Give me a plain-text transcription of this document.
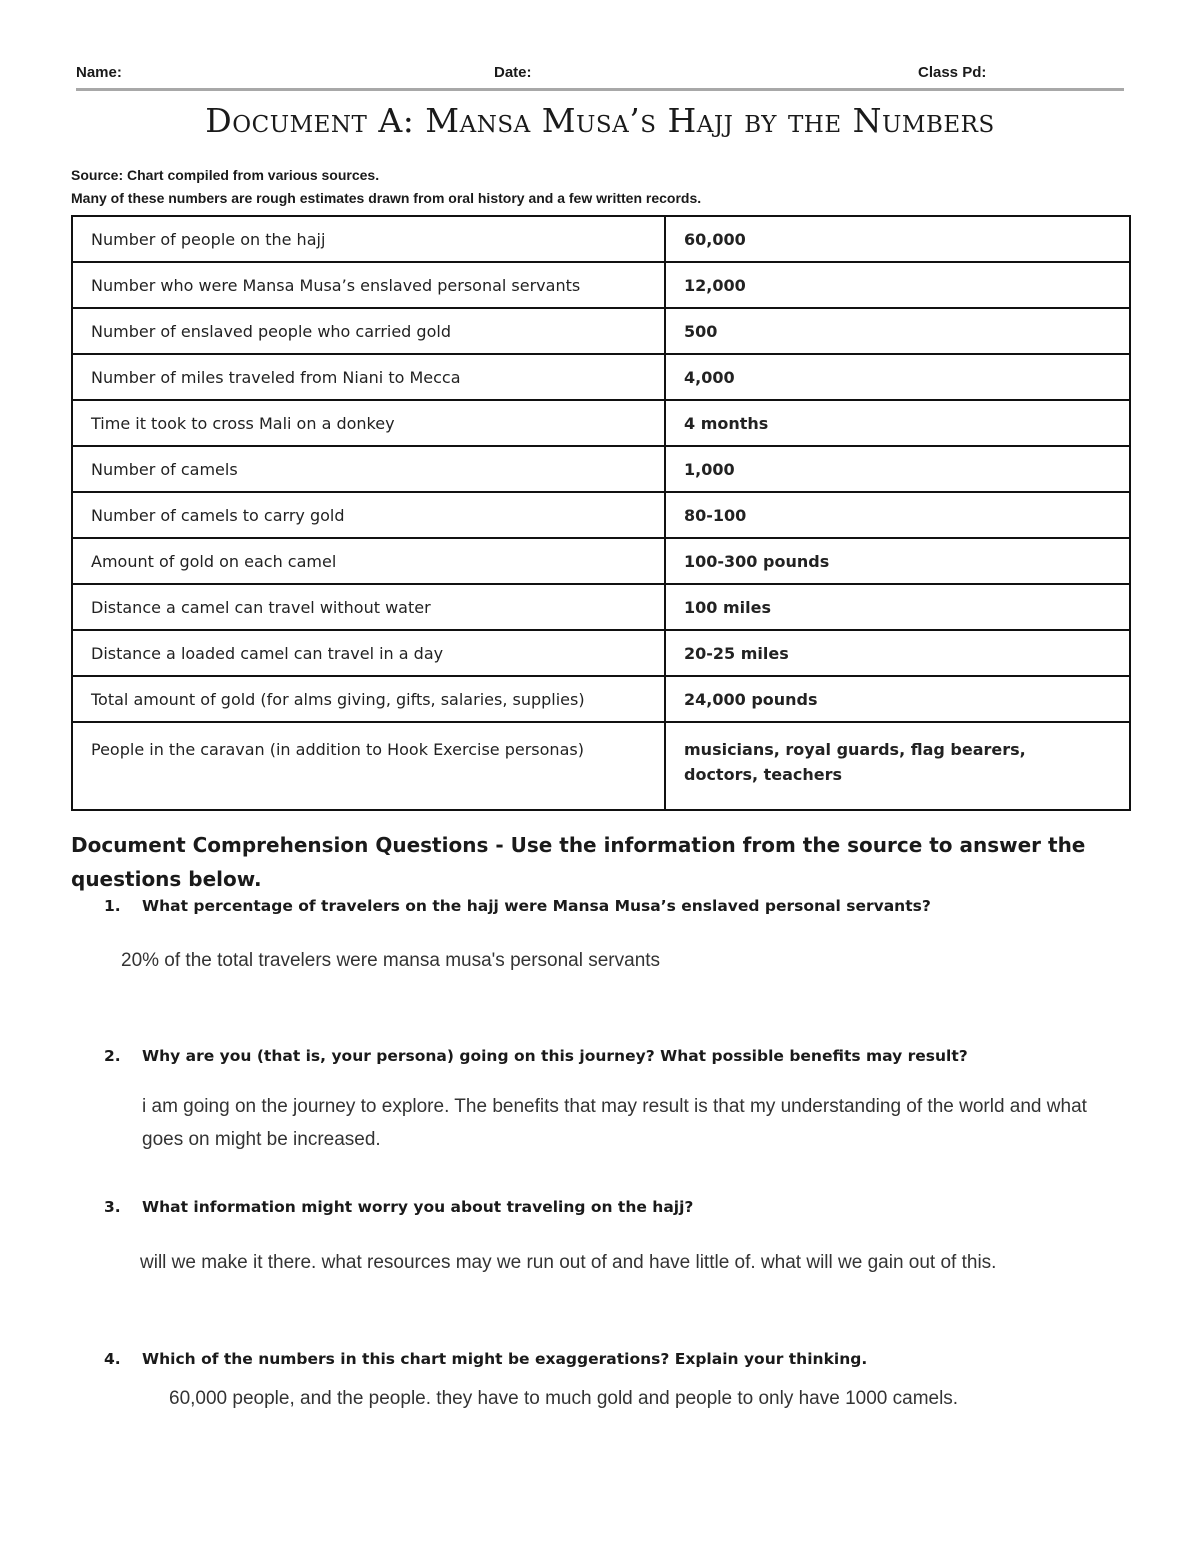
Name:	Date:	Class Pd:
Document A: Mansa Musa’s Hajj by the Numbers
Source: Chart compiled from various sources.
Many of these numbers are rough estimates drawn from oral history and a few written records.
Number of people on the hajj	60,000
Number who were Mansa Musa’s enslaved personal servants	12,000
Number of enslaved people who carried gold	500
Number of miles traveled from Niani to Mecca	4,000
Time it took to cross Mali on a donkey	4 months
Number of camels	1,000
Number of camels to carry gold	80-100
Amount of gold on each camel	100-300 pounds
Distance a camel can travel without water	100 miles
Distance a loaded camel can travel in a day	20-25 miles
Total amount of gold (for alms giving, gifts, salaries, supplies)	24,000 pounds
People in the caravan (in addition to Hook Exercise personas)	musicians, royal guards, flag bearers,
doctors, teachers
Document Comprehension Questions - Use the information from the source to answer the questions below.
1. What percentage of travelers on the hajj were Mansa Musa’s enslaved personal servants?
20% of the total travelers were mansa musa's personal servants
2. Why are you (that is, your persona) going on this journey? What possible benefits may result?
i am going on the journey to explore. The benefits that may result is that my understanding of the world and what
goes on might be increased.
3. What information might worry you about traveling on the hajj?
will we make it there. what resources may we run out of and have little of. what will we gain out of this.
4. Which of the numbers in this chart might be exaggerations? Explain your thinking.
60,000 people, and the people. they have to much gold and people to only have 1000 camels.
